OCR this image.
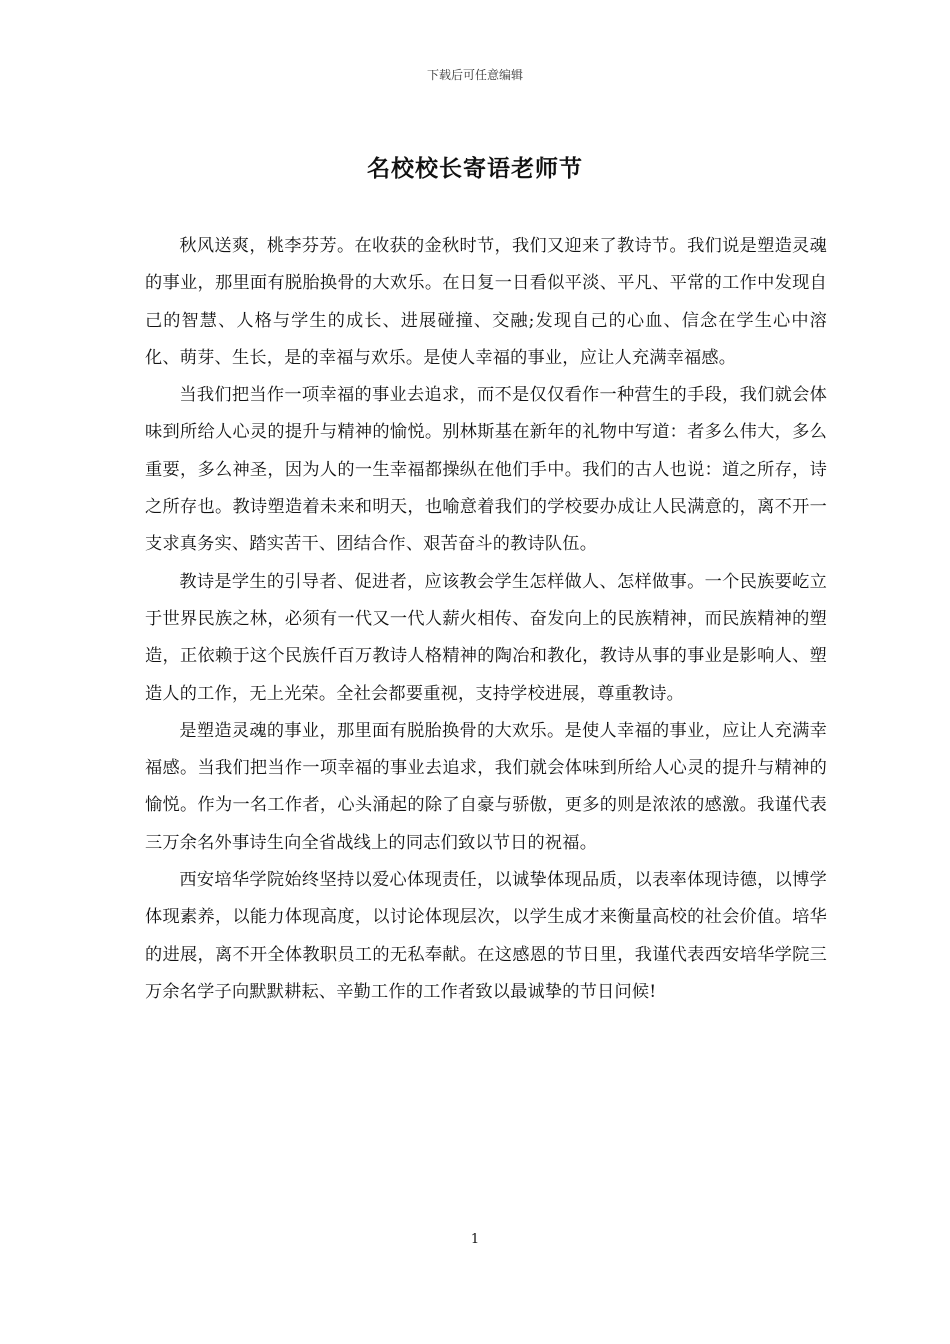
下载后可任意编辑
名校校长寄语老师节

秋风送爽，桃李芬芳。在收获的金秋时节，我们又迎来了教诗节。我们说是塑造灵魂的事业，那里面有脱胎换骨的大欢乐。在日复一日看似平淡、平凡、平常的工作中发现自己的智慧、人格与学生的成长、进展碰撞、交融;发现自己的心血、信念在学生心中溶化、萌芽、生长，是的幸福与欢乐。是使人幸福的事业，应让人充满幸福感。

当我们把当作一项幸福的事业去追求，而不是仅仅看作一种营生的手段，我们就会体味到所给人心灵的提升与精神的愉悦。别林斯基在新年的礼物中写道：者多么伟大，多么重要，多么神圣，因为人的一生幸福都操纵在他们手中。我们的古人也说：道之所存，诗之所存也。教诗塑造着未来和明天，也喻意着我们的学校要办成让人民满意的，离不开一支求真务实、踏实苦干、团结合作、艰苦奋斗的教诗队伍。

教诗是学生的引导者、促进者，应该教会学生怎样做人、怎样做事。一个民族要屹立于世界民族之林，必须有一代又一代人薪火相传、奋发向上的民族精神，而民族精神的塑造，正依赖于这个民族仟百万教诗人格精神的陶冶和教化，教诗从事的事业是影响人、塑造人的工作，无上光荣。全社会都要重视，支持学校进展，尊重教诗。

是塑造灵魂的事业，那里面有脱胎换骨的大欢乐。是使人幸福的事业，应让人充满幸福感。当我们把当作一项幸福的事业去追求，我们就会体味到所给人心灵的提升与精神的愉悦。作为一名工作者，心头涌起的除了自豪与骄傲，更多的则是浓浓的感激。我谨代表三万余名外事诗生向全省战线上的同志们致以节日的祝福。

西安培华学院始终坚持以爱心体现责任，以诚挚体现品质，以表率体现诗德，以博学体现素养，以能力体现高度，以讨论体现层次，以学生成才来衡量高校的社会价值。培华的进展，离不开全体教职员工的无私奉献。在这感恩的节日里，我谨代表西安培华学院三万余名学子向默默耕耘、辛勤工作的工作者致以最诚挚的节日问候!

1
